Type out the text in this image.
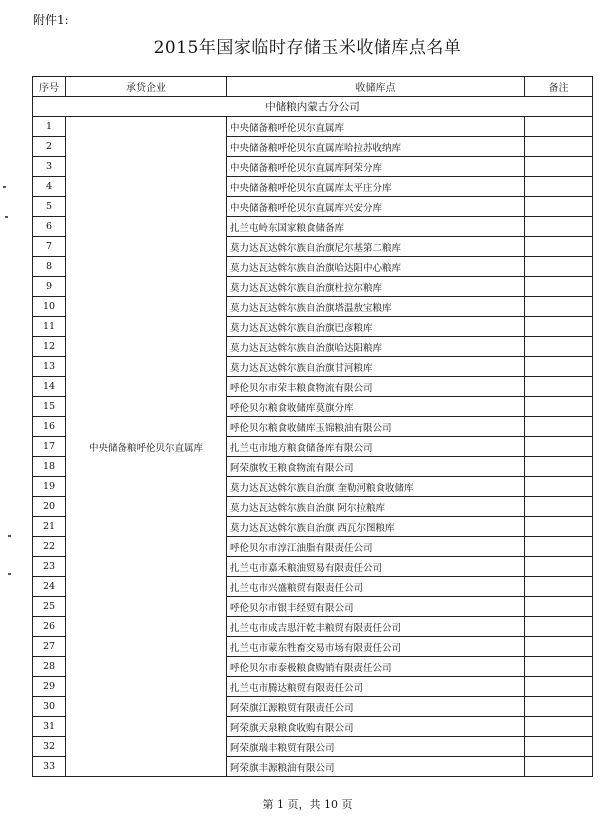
附件1:
2015年国家临时存储玉米收储库点名单
序号	承贷企业	收储库点	备注
中储粮内蒙古分公司			
1	中央储备粮呼伦贝尔直属库	中央储备粮呼伦贝尔直属库	
2		中央储备粮呼伦贝尔直属库哈拉苏收纳库	
3		中央储备粮呼伦贝尔直属库阿荣分库	
4		中央储备粮呼伦贝尔直属库太平庄分库	
5		中央储备粮呼伦贝尔直属库兴安分库	
6		扎兰屯岭东国家粮食储备库	
7		莫力达瓦达斡尔族自治旗尼尔基第二粮库	
8		莫力达瓦达斡尔族自治旗哈达阳中心粮库	
9		莫力达瓦达斡尔族自治旗杜拉尔粮库	
10		莫力达瓦达斡尔族自治旗塔温敖宝粮库	
11		莫力达瓦达斡尔族自治旗巴彦粮库	
12		莫力达瓦达斡尔族自治旗哈达阳粮库	
13		莫力达瓦达斡尔族自治旗甘河粮库	
14		呼伦贝尔市荣丰粮食物流有限公司	
15		呼伦贝尔粮食收储库莫旗分库	
16		呼伦贝尔粮食收储库玉锦粮油有限公司	
17		扎兰屯市地方粮食储备库有限公司	
18		阿荣旗牧王粮食物流有限公司	
19		莫力达瓦达斡尔族自治旗 奎勒河粮食收储库	
20		莫力达瓦达斡尔族自治旗 阿尔拉粮库	
21		莫力达瓦达斡尔族自治旗 西瓦尔图粮库	
22		呼伦贝尔市淳江油脂有限责任公司	
23		扎兰屯市嘉禾粮油贸易有限责任公司	
24		扎兰屯市兴盛粮贸有限责任公司	
25		呼伦贝尔市银丰经贸有限公司	
26		扎兰屯市成吉思汗乾丰粮贸有限责任公司	
27		扎兰屯市蒙东牲畜交易市场有限责任公司	
28		呼伦贝尔市泰极粮食购销有限责任公司	
29		扎兰屯市腾达粮贸有限责任公司	
30		阿荣旗江源粮贸有限责任公司	
31		阿荣旗天泉粮食收购有限公司	
32		阿荣旗瑞丰粮贸有限公司	
33		阿荣旗丰源粮油有限公司	
第 1 页，共 10 页
